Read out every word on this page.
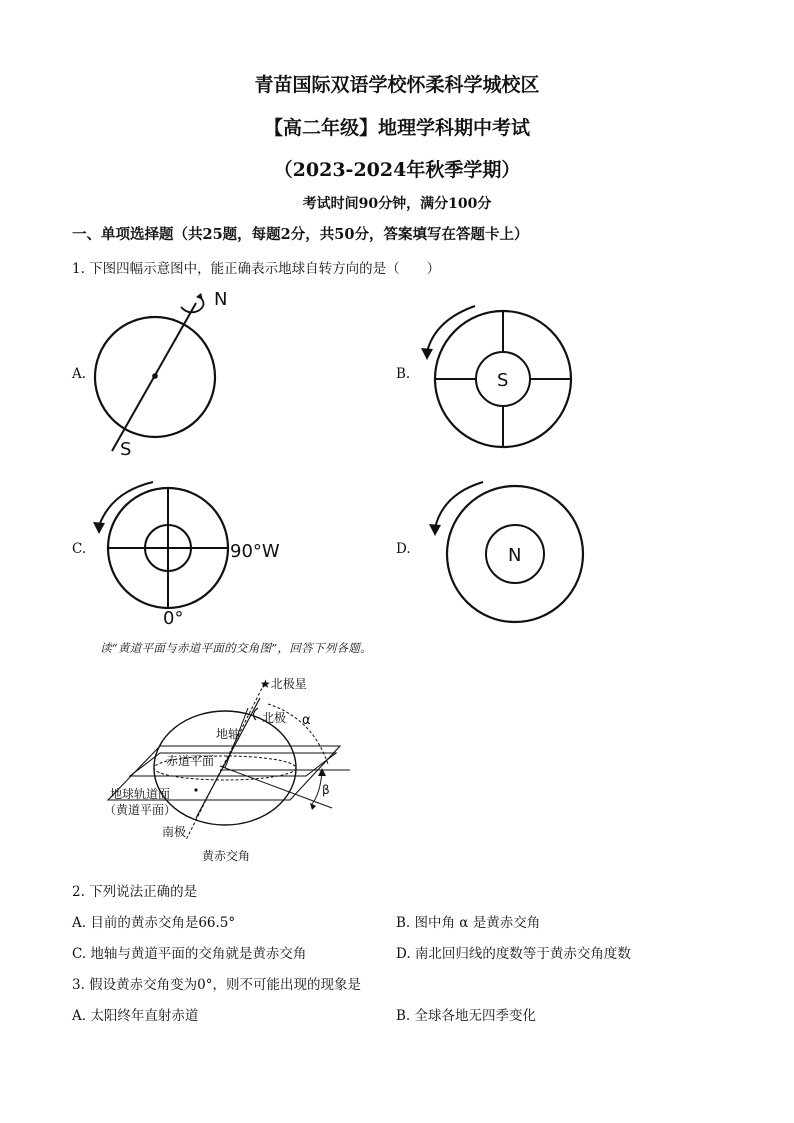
青苗国际双语学校怀柔科学城校区
【高二年级】地理学科期中考试
（2023-2024年秋季学期）
考试时间90分钟，满分100分
一、单项选择题（共25题，每题2分，共50分，答案填写在答题卡上）
1. 下图四幅示意图中，能正确表示地球自转方向的是（　　）
A.
N
S
B.	S
C.	90°W
0°
D.	N
读“黄道平面与赤道平面的交角图”，回答下列各题。
★北极星
北极 α
地轴
赤道平面
地球轨道面
（黄道平面）
β
南极
黄赤交角
2. 下列说法正确的是
A. 目前的黄赤交角是66.5°	B. 图中角 α 是黄赤交角
C. 地轴与黄道平面的交角就是黄赤交角	D. 南北回归线的度数等于黄赤交角度数
3. 假设黄赤交角变为0°，则不可能出现的现象是
A. 太阳终年直射赤道	B. 全球各地无四季变化
